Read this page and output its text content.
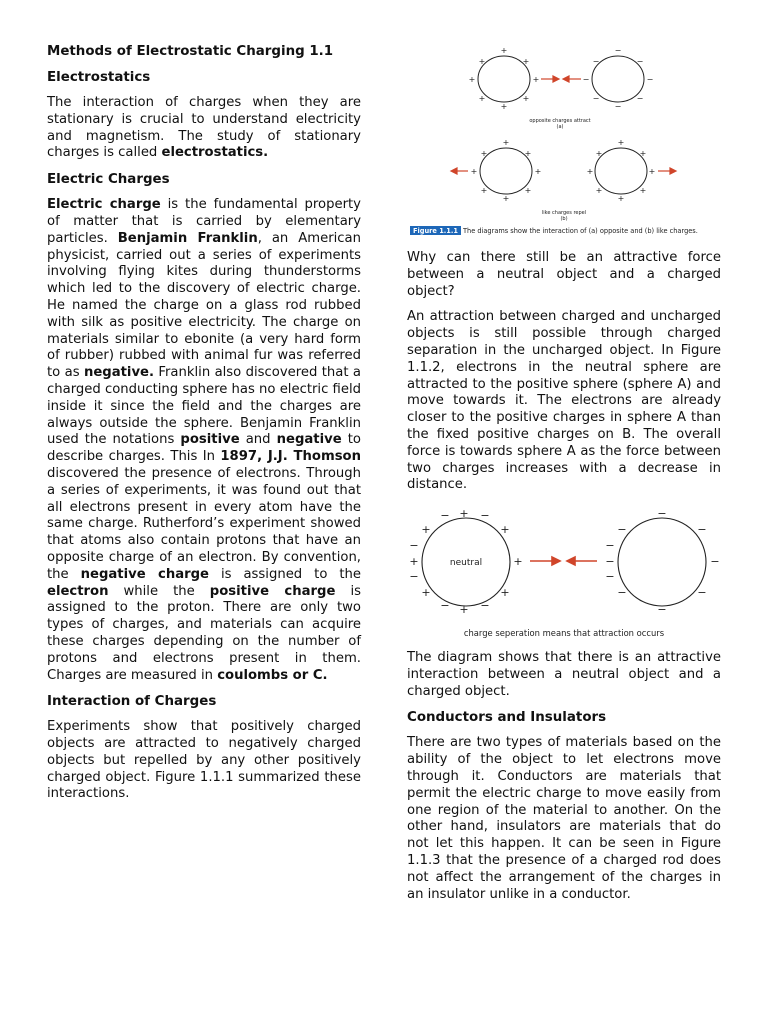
Methods of Electrostatic Charging 1.1
Electrostatics

The interaction of charges when they are stationary is crucial to understand electricity and magnetism. The study of stationary charges is called electrostatics.

Electric Charges

Electric charge is the fundamental property of matter that is carried by elementary particles. Benjamin Franklin, an American physicist, carried out a series of experiments involving flying kites during thunderstorms which led to the discovery of electric charge. He named the charge on a glass rod rubbed with silk as positive electricity. The charge on materials similar to ebonite (a very hard form of rubber) rubbed with animal fur was referred to as negative. Franklin also discovered that a charged conducting sphere has no electric field inside it since the field and the charges are always outside the sphere. Benjamin Franklin used the notations positive and negative to describe charges. This In 1897, J.J. Thomson discovered the presence of electrons. Through a series of experiments, it was found out that all electrons present in every atom have the same charge. Rutherford’s experiment showed that atoms also contain protons that have an opposite charge of an electron. By convention, the negative charge is assigned to the electron while the positive charge is assigned to the proton. There are only two types of charges, and materials can acquire these charges depending on the number of protons and electrons present in them. Charges are measured in coulombs or C.

Interaction of Charges

Experiments show that positively charged objects are attracted to negatively charged objects but repelled by any other positively charged object. Figure 1.1.1 summarized these interactions.

+
+	+
+	+
+	+
+
−
−	−
−	−
−	−
−
+
+	+
+	+
+	+
+
+
+	+
+	+
+	+
+
opposite charges attract
(a)
like charges repel
(b)
Figure 1.1.1 The diagrams show the interaction of (a) opposite and (b) like charges.

Why can there still be an attractive force between a neutral object and a charged object?

An attraction between charged and uncharged objects is still possible through charged separation in the uncharged object. In Figure 1.1.2, electrons in the neutral sphere are attracted to the positive sphere (sphere A) and move towards it. The electrons are already closer to the positive charges in sphere A than the fixed positive charges on B. The overall force is towards sphere A as the force between two charges increases with a decrease in distance.

neutral
− + −
+	+
−
+
−
+
+	+
− + −
−
−	−
−
−
−
−
−	−
−
charge seperation means that attraction occurs

The diagram shows that there is an attractive interaction between a neutral object and a charged object.

Conductors and Insulators

There are two types of materials based on the ability of the object to let electrons move through it. Conductors are materials that permit the electric charge to move easily from one region of the material to another. On the other hand, insulators are materials that do not let this happen. It can be seen in Figure 1.1.3 that the presence of a charged rod does not affect the arrangement of the charges in an insulator unlike in a conductor.
